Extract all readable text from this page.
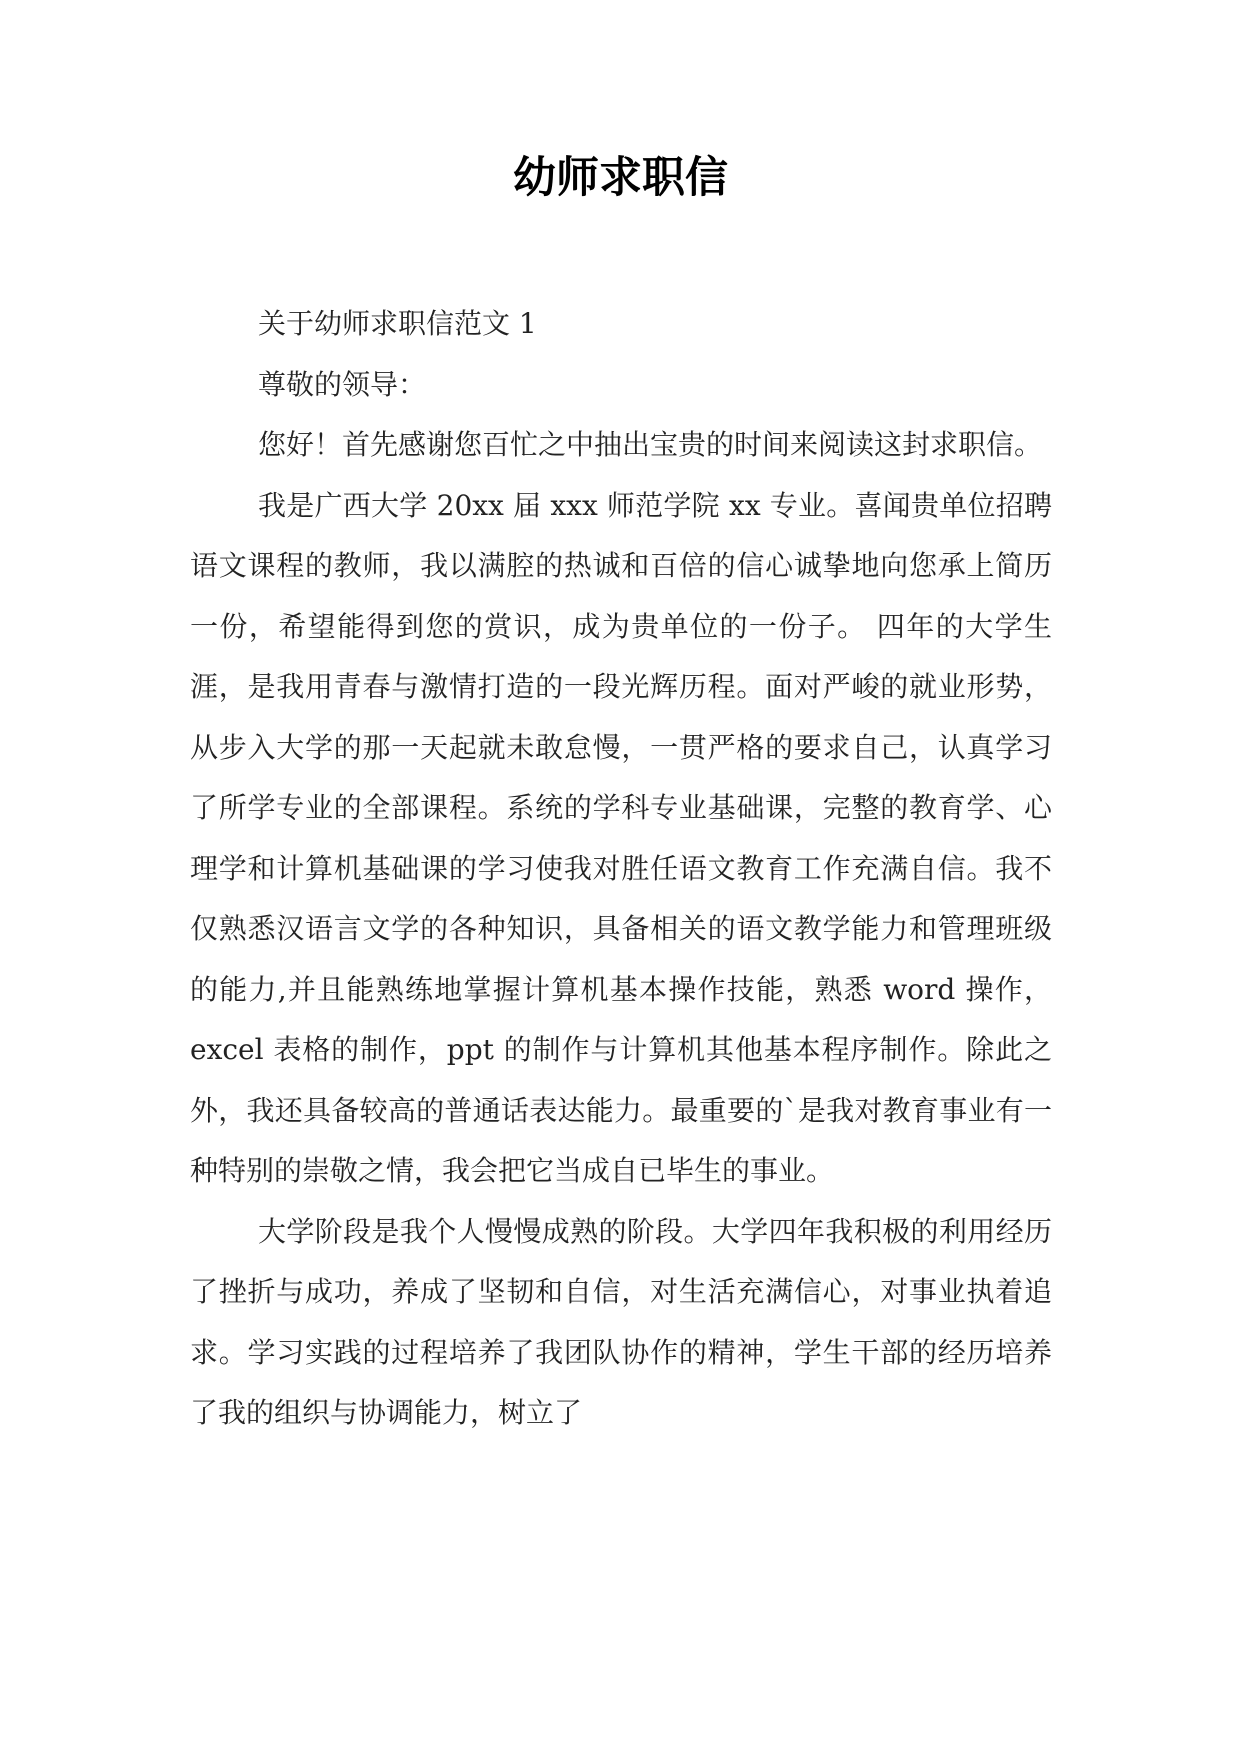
幼师求职信

关于幼师求职信范文 1

尊敬的领导：

您好！首先感谢您百忙之中抽出宝贵的时间来阅读这封求职信。

我是广西大学 20xx 届 xxx 师范学院 xx 专业。喜闻贵单位招聘语文课程的教师，我以满腔的热诚和百倍的信心诚挚地向您承上简历一份，希望能得到您的赏识，成为贵单位的一份子。 四年的大学生涯，是我用青春与激情打造的一段光辉历程。面对严峻的就业形势，从步入大学的那一天起就未敢怠慢，一贯严格的要求自己，认真学习了所学专业的全部课程。系统的学科专业基础课，完整的教育学、心理学和计算机基础课的学习使我对胜任语文教育工作充满自信。我不仅熟悉汉语言文学的各种知识，具备相关的语文教学能力和管理班级的能力,并且能熟练地掌握计算机基本操作技能，熟悉 word 操作，excel 表格的制作，ppt 的制作与计算机其他基本程序制作。除此之外，我还具备较高的普通话表达能力。最重要的`是我对教育事业有一种特别的崇敬之情，我会把它当成自已毕生的事业。

大学阶段是我个人慢慢成熟的阶段。大学四年我积极的利用经历了挫折与成功，养成了坚韧和自信，对生活充满信心，对事业执着追求。学习实践的过程培养了我团队协作的精神，学生干部的经历培养了我的组织与协调能力，树立了
